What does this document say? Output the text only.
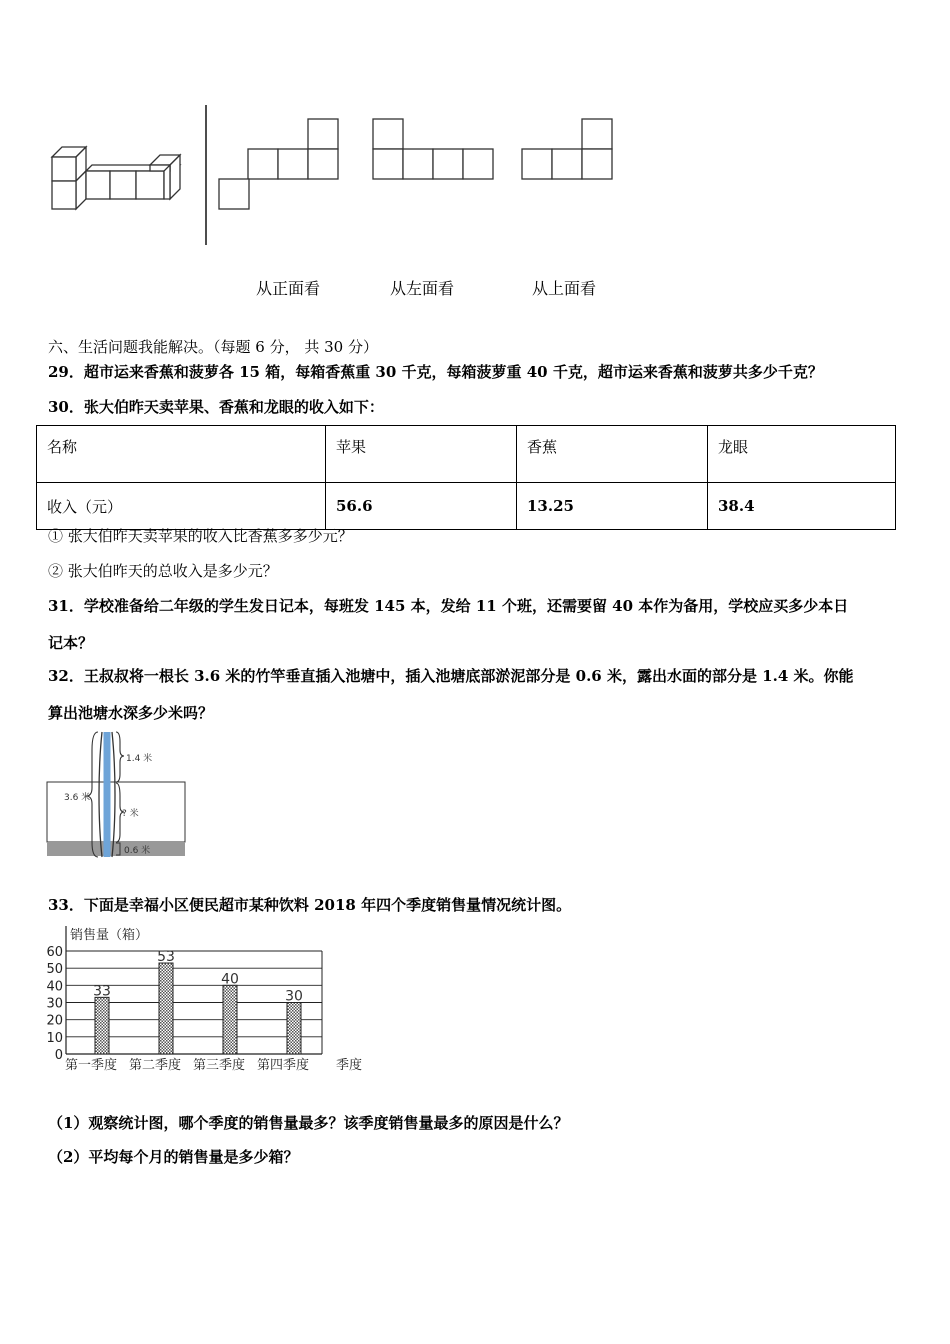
从正面看	从左面看	从上面看
六、生活问题我能解决。（每题 6 分， 共 30 分）
29．超市运来香蕉和菠萝各 15 箱，每箱香蕉重 30 千克，每箱菠萝重 40 千克，超市运来香蕉和菠萝共多少千克？
30．张大伯昨天卖苹果、香蕉和龙眼的收入如下：
名称	苹果	香蕉	龙眼
收入（元）	56.6	13.25	38.4
① 张大伯昨天卖苹果的收入比香蕉多多少元？
② 张大伯昨天的总收入是多少元？
31．学校准备给二年级的学生发日记本，每班发 145 本，发给 11 个班，还需要留 40 本作为备用，学校应买多少本日
记本？
32．王叔叔将一根长 3.6 米的竹竿垂直插入池塘中，插入池塘底部淤泥部分是 0.6 米，露出水面的部分是 1.4 米。你能
算出池塘水深多少米吗？
3.6 米
1.4 米
? 米
0.6 米
33．下面是幸福小区便民超市某种饮料 2018 年四个季度销售量情况统计图。
销售量（箱）
0
10
20
30
40
50
60
33
第一季度
53
第二季度
40
第三季度
30
第四季度 季度
（1）观察统计图，哪个季度的销售量最多？该季度销售量最多的原因是什么？
（2）平均每个月的销售量是多少箱？
